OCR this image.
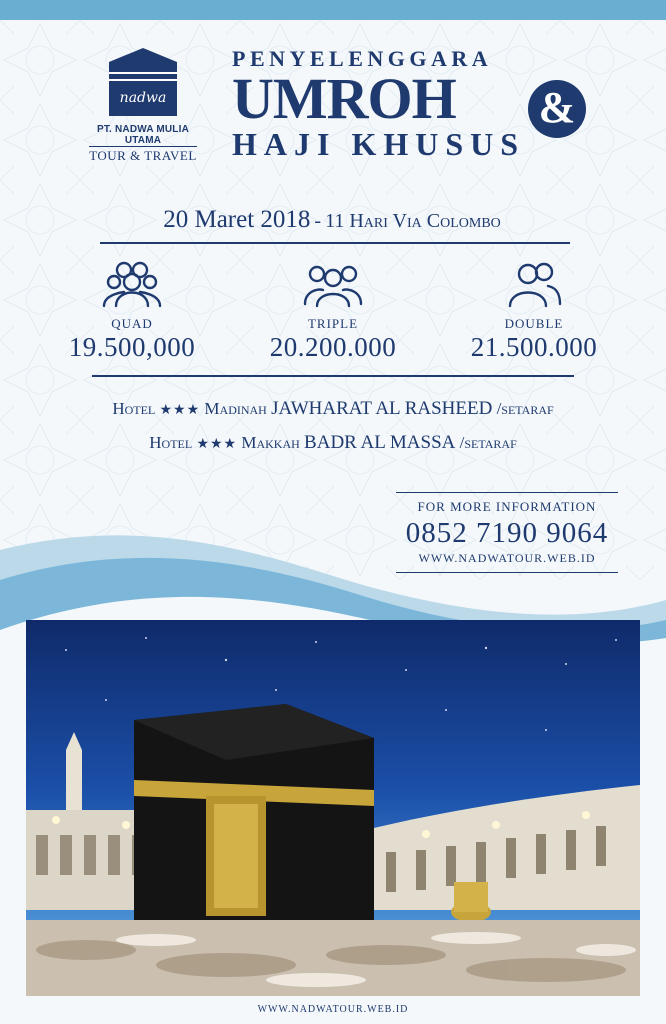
nadwa
PT. NADWA MULIA UTAMA
TOUR & TRAVEL
PENYELENGGARA
UMROH	&
HAJI KHUSUS
20 Maret 2018 - 11 Hari Via Colombo
QUAD
19.500,000
TRIPLE
20.200.000
DOUBLE
21.500.000
Hotel ★★★ Madinah JAWHARAT AL RASHEED /setaraf
Hotel ★★★ Makkah BADR AL MASSA /setaraf
FOR MORE INFORMATION
0852 7190 9064
WWW.NADWATOUR.WEB.ID
WWW.NADWATOUR.WEB.ID
